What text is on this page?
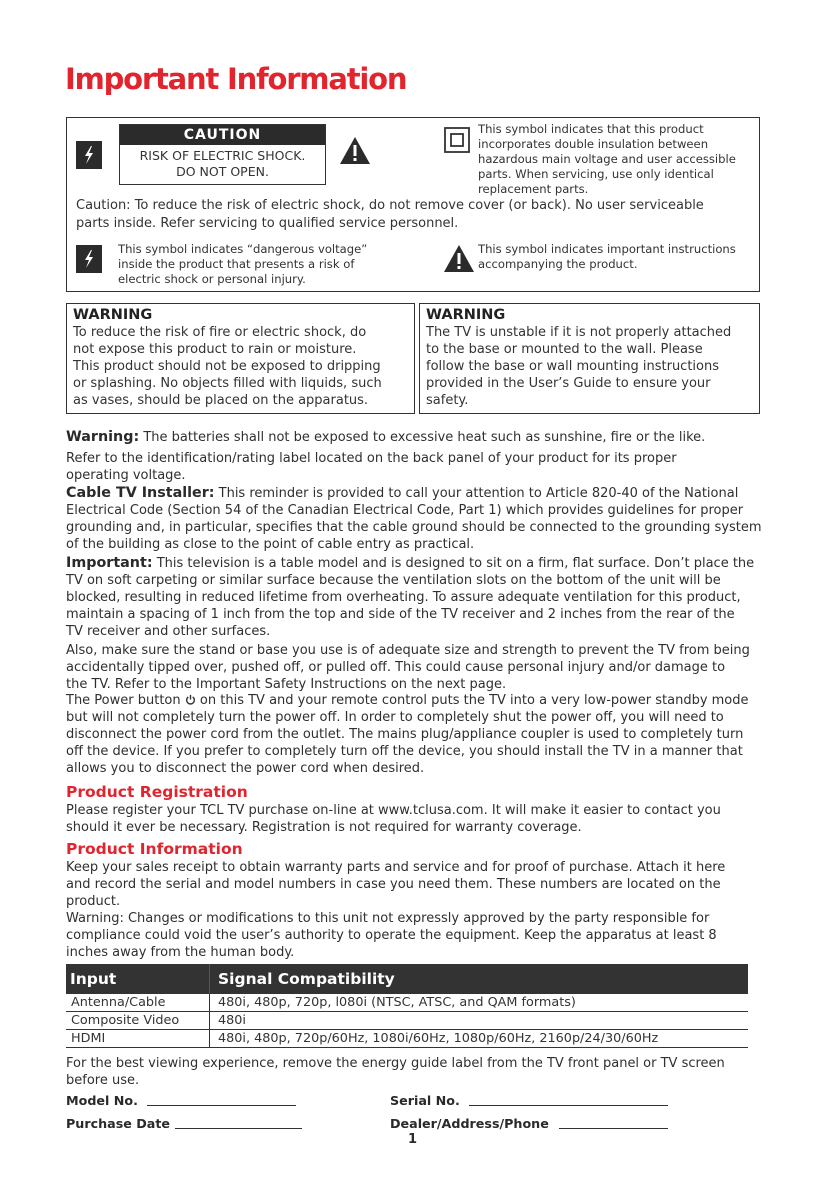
Important Information
CAUTION
RISK OF ELECTRIC SHOCK.
DO NOT OPEN.
This symbol indicates that this product
incorporates double insulation between
hazardous main voltage and user accessible
parts. When servicing, use only identical
replacement parts.
Caution: To reduce the risk of electric shock, do not remove cover (or back). No user serviceable
parts inside. Refer servicing to qualified service personnel.
This symbol indicates “dangerous voltage”
inside the product that presents a risk of
electric shock or personal injury.
This symbol indicates important instructions
accompanying the product.
WARNING
To reduce the risk of fire or electric shock, do
not expose this product to rain or moisture.
This product should not be exposed to dripping
or splashing. No objects filled with liquids, such
as vases, should be placed on the apparatus.
WARNING
The TV is unstable if it is not properly attached
to the base or mounted to the wall. Please
follow the base or wall mounting instructions
provided in the User’s Guide to ensure your
safety.
Warning: The batteries shall not be exposed to excessive heat such as sunshine, fire or the like.
Refer to the identification/rating label located on the back panel of your product for its proper
operating voltage.
Cable TV Installer: This reminder is provided to call your attention to Article 820-40 of the National
Electrical Code (Section 54 of the Canadian Electrical Code, Part 1) which provides guidelines for proper
grounding and, in particular, specifies that the cable ground should be connected to the grounding system
of the building as close to the point of cable entry as practical.
Important: This television is a table model and is designed to sit on a firm, flat surface. Don’t place the
TV on soft carpeting or similar surface because the ventilation slots on the bottom of the unit will be
blocked, resulting in reduced lifetime from overheating. To assure adequate ventilation for this product,
maintain a spacing of 1 inch from the top and side of the TV receiver and 2 inches from the rear of the
TV receiver and other surfaces.
Also, make sure the stand or base you use is of adequate size and strength to prevent the TV from being
accidentally tipped over, pushed off, or pulled off. This could cause personal injury and/or damage to
the TV. Refer to the Important Safety Instructions on the next page.
The Power button on this TV and your remote control puts the TV into a very low-power standby mode
but will not completely turn the power off. In order to completely shut the power off, you will need to
disconnect the power cord from the outlet. The mains plug/appliance coupler is used to completely turn
off the device. If you prefer to completely turn off the device, you should install the TV in a manner that
allows you to disconnect the power cord when desired.
Product Registration
Please register your TCL TV purchase on-line at www.tclusa.com. It will make it easier to contact you
should it ever be necessary. Registration is not required for warranty coverage.
Product Information
Keep your sales receipt to obtain warranty parts and service and for proof of purchase. Attach it here
and record the serial and model numbers in case you need them. These numbers are located on the
product.
Warning: Changes or modifications to this unit not expressly approved by the party responsible for
compliance could void the user’s authority to operate the equipment. Keep the apparatus at least 8
inches away from the human body.
Input	Signal Compatibility
Antenna/Cable	480i, 480p, 720p, l080i (NTSC, ATSC, and QAM formats)
Composite Video	480i
HDMI	480i, 480p, 720p/60Hz, 1080i/60Hz, 1080p/60Hz, 2160p/24/30/60Hz
For the best viewing experience, remove the energy guide label from the TV front panel or TV screen
before use.
Model No.	Serial No.
Purchase Date	Dealer/Address/Phone
1
